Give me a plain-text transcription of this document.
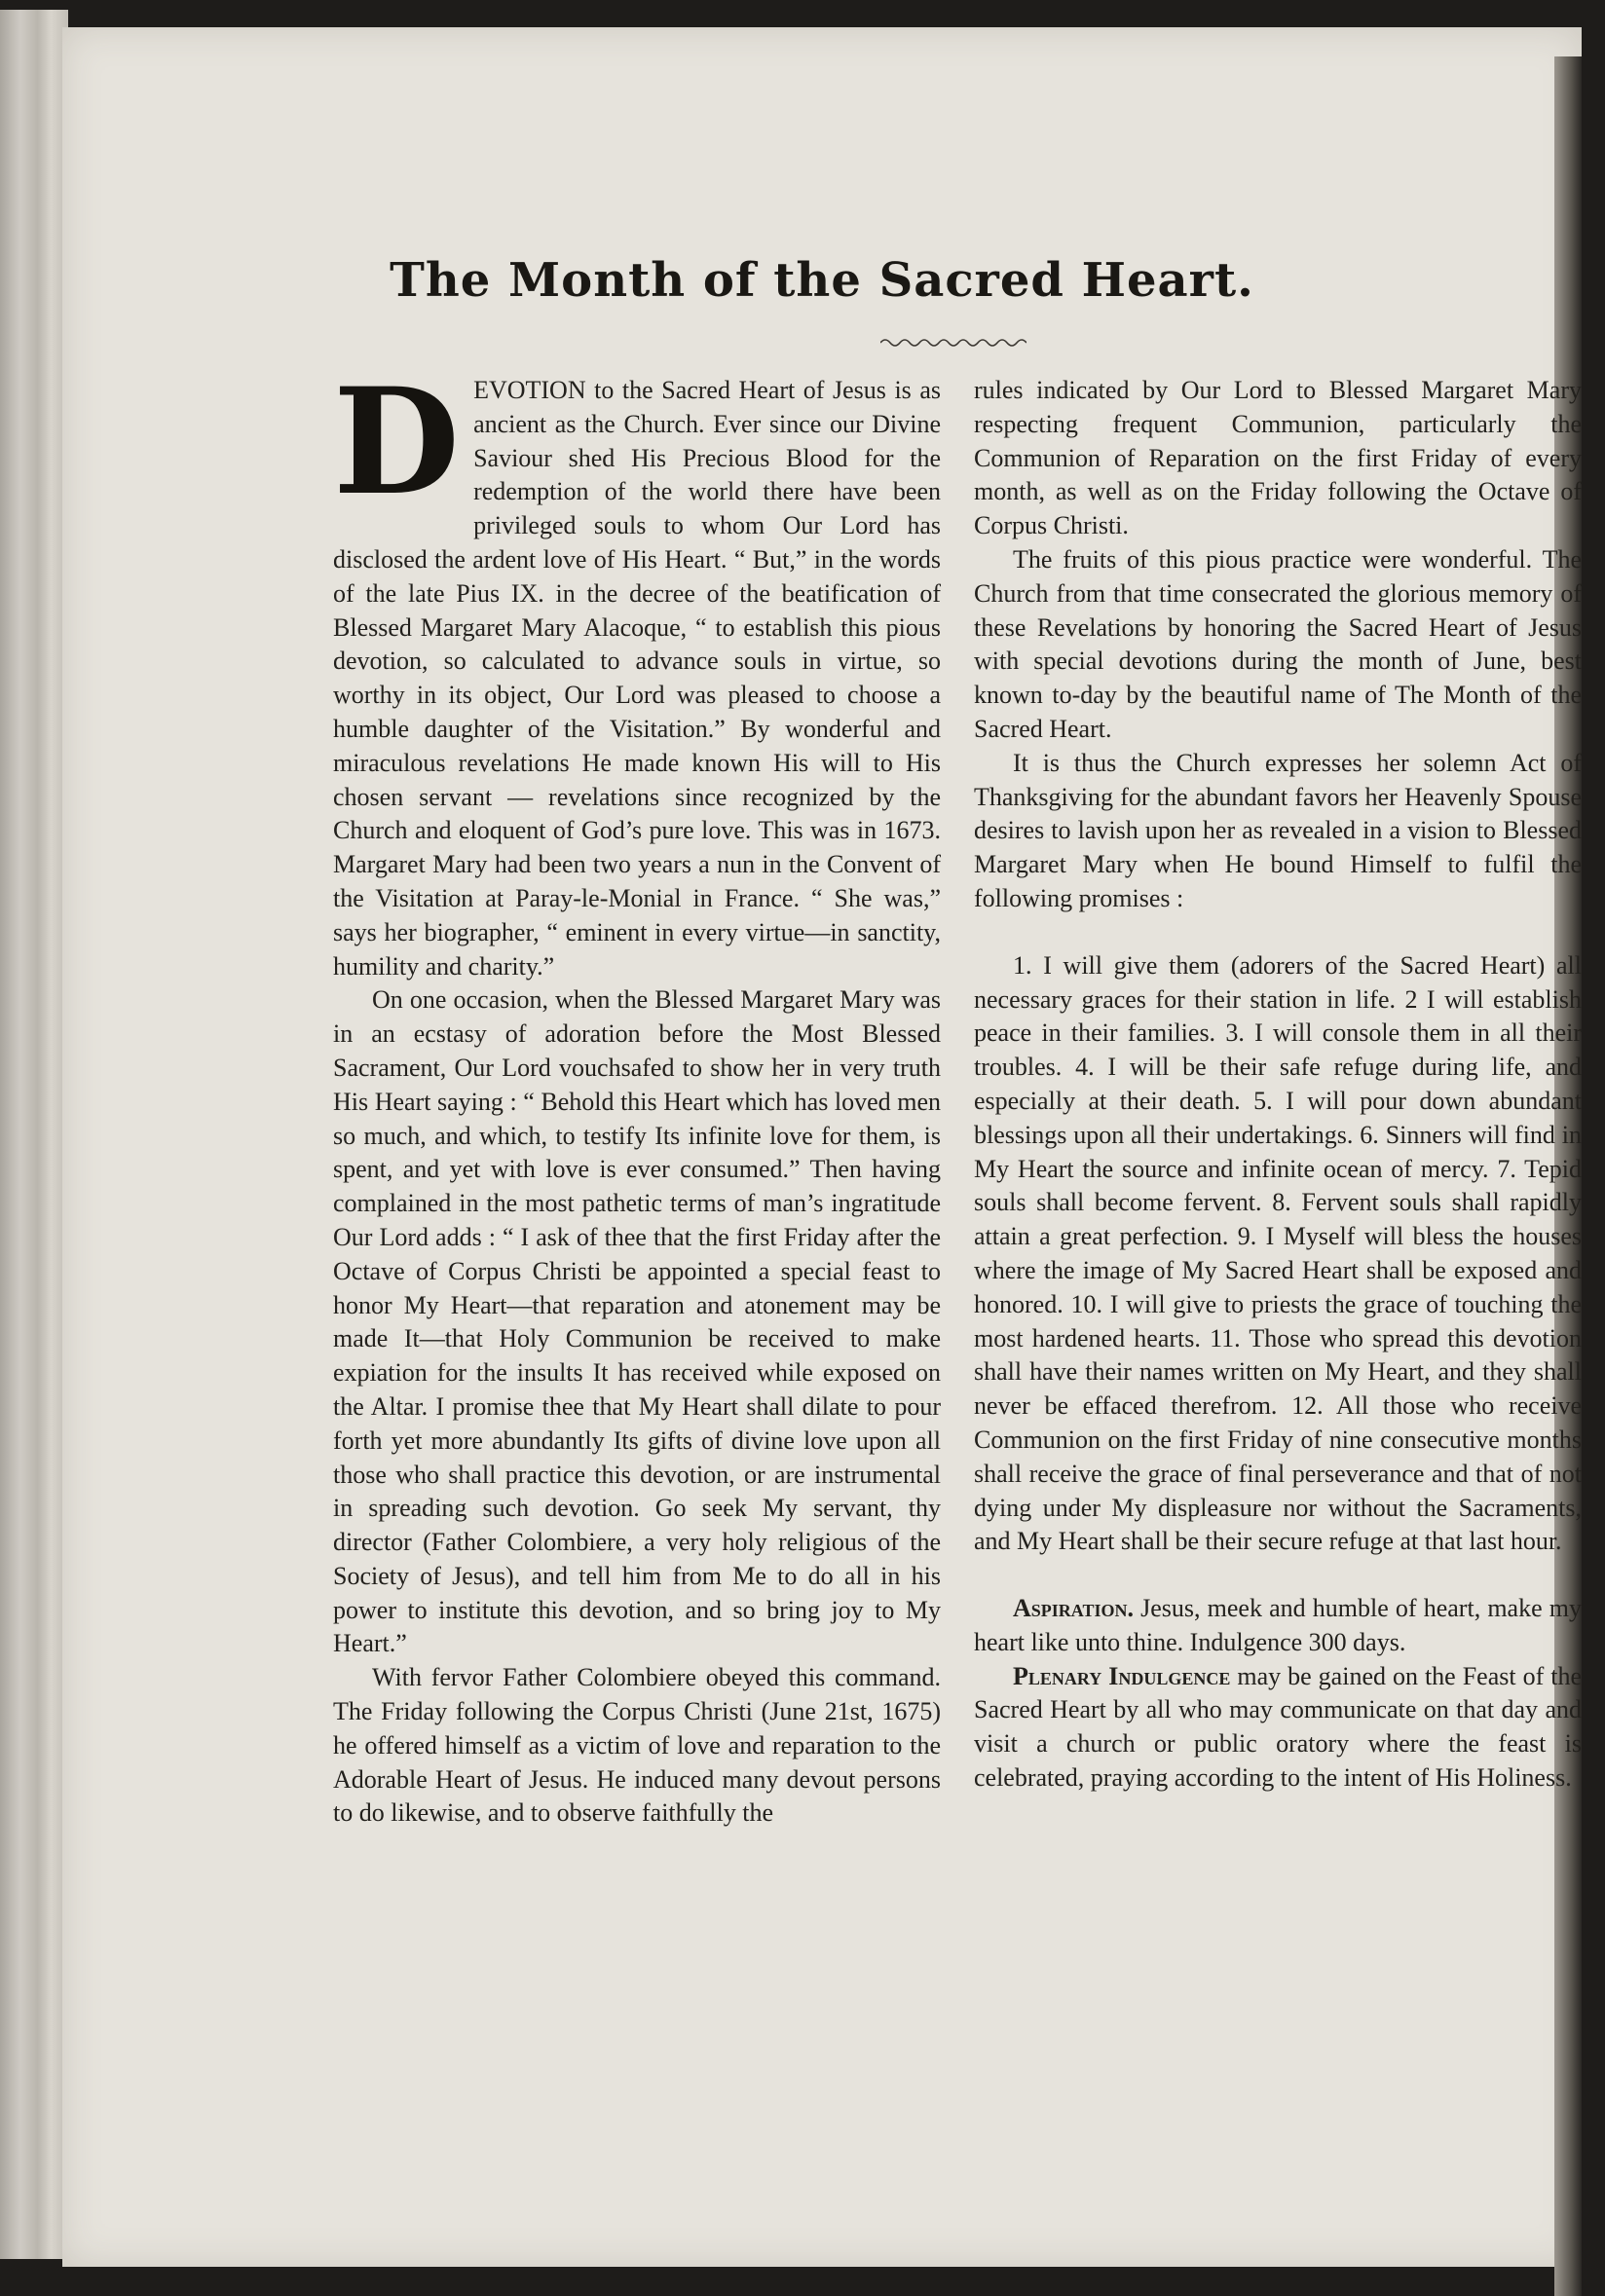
The Month of the Sacred Heart.

DEVOTION to the Sacred Heart of Jesus is as ancient as the Church. Ever since our Divine Saviour shed His Precious Blood for the redemption of the world there have been privileged souls to whom Our Lord has disclosed the ardent love of His Heart. “ But,” in the words of the late Pius IX. in the decree of the beatification of Blessed Margaret Mary Alacoque, “ to establish this pious devotion, so calculated to advance souls in virtue, so worthy in its object, Our Lord was pleased to choose a humble daughter of the Visitation.” By wonderful and miraculous revelations He made known His will to His chosen servant — revelations since recognized by the Church and eloquent of God’s pure love. This was in 1673. Margaret Mary had been two years a nun in the Convent of the Visitation at Paray-le-Monial in France. “ She was,” says her biographer, “ eminent in every virtue—in sanctity, humility and charity.”

On one occasion, when the Blessed Margaret Mary was in an ecstasy of adoration before the Most Blessed Sacrament, Our Lord vouchsafed to show her in very truth His Heart saying : “ Behold this Heart which has loved men so much, and which, to testify Its infinite love for them, is spent, and yet with love is ever consumed.” Then having complained in the most pathetic terms of man’s ingratitude Our Lord adds : “ I ask of thee that the first Friday after the Octave of Corpus Christi be appointed a special feast to honor My Heart—that reparation and atonement may be made It—that Holy Communion be received to make expiation for the insults It has received while exposed on the Altar. I promise thee that My Heart shall dilate to pour forth yet more abundantly Its gifts of divine love upon all those who shall practice this devotion, or are instrumental in spreading such devotion. Go seek My servant, thy director (Father Colombiere, a very holy religious of the Society of Jesus), and tell him from Me to do all in his power to institute this devotion, and so bring joy to My Heart.”

With fervor Father Colombiere obeyed this command. The Friday following the Corpus Christi (June 21st, 1675) he offered himself as a victim of love and reparation to the Adorable Heart of Jesus. He induced many devout persons to do likewise, and to observe faithfully the

rules indicated by Our Lord to Blessed Margaret Mary respecting frequent Communion, particularly the Communion of Reparation on the first Friday of every month, as well as on the Friday following the Octave of Corpus Christi.

The fruits of this pious practice were wonderful. The Church from that time consecrated the glorious memory of these Revelations by honoring the Sacred Heart of Jesus with special devotions during the month of June, best known to-day by the beautiful name of The Month of the Sacred Heart.

It is thus the Church expresses her solemn Act of Thanksgiving for the abundant favors her Heavenly Spouse desires to lavish upon her as revealed in a vision to Blessed Margaret Mary when He bound Himself to fulfil the following promises :

1. I will give them (adorers of the Sacred Heart) all necessary graces for their station in life. 2 I will establish peace in their families. 3. I will console them in all their troubles. 4. I will be their safe refuge during life, and especially at their death. 5. I will pour down abundant blessings upon all their undertakings. 6. Sinners will find in My Heart the source and infinite ocean of mercy. 7. Tepid souls shall become fervent. 8. Fervent souls shall rapidly attain a great perfection. 9. I Myself will bless the houses where the image of My Sacred Heart shall be exposed and honored. 10. I will give to priests the grace of touching the most hardened hearts. 11. Those who spread this devotion shall have their names written on My Heart, and they shall never be effaced therefrom. 12. All those who receive Communion on the first Friday of nine consecutive months shall receive the grace of final perseverance and that of not dying under My displeasure nor without the Sacraments, and My Heart shall be their secure refuge at that last hour.

Aspiration. Jesus, meek and humble of heart, make my heart like unto thine. Indulgence 300 days.

Plenary Indulgence may be gained on the Feast of the Sacred Heart by all who may communicate on that day and visit a church or public oratory where the feast is celebrated, praying according to the intent of His Holiness.
